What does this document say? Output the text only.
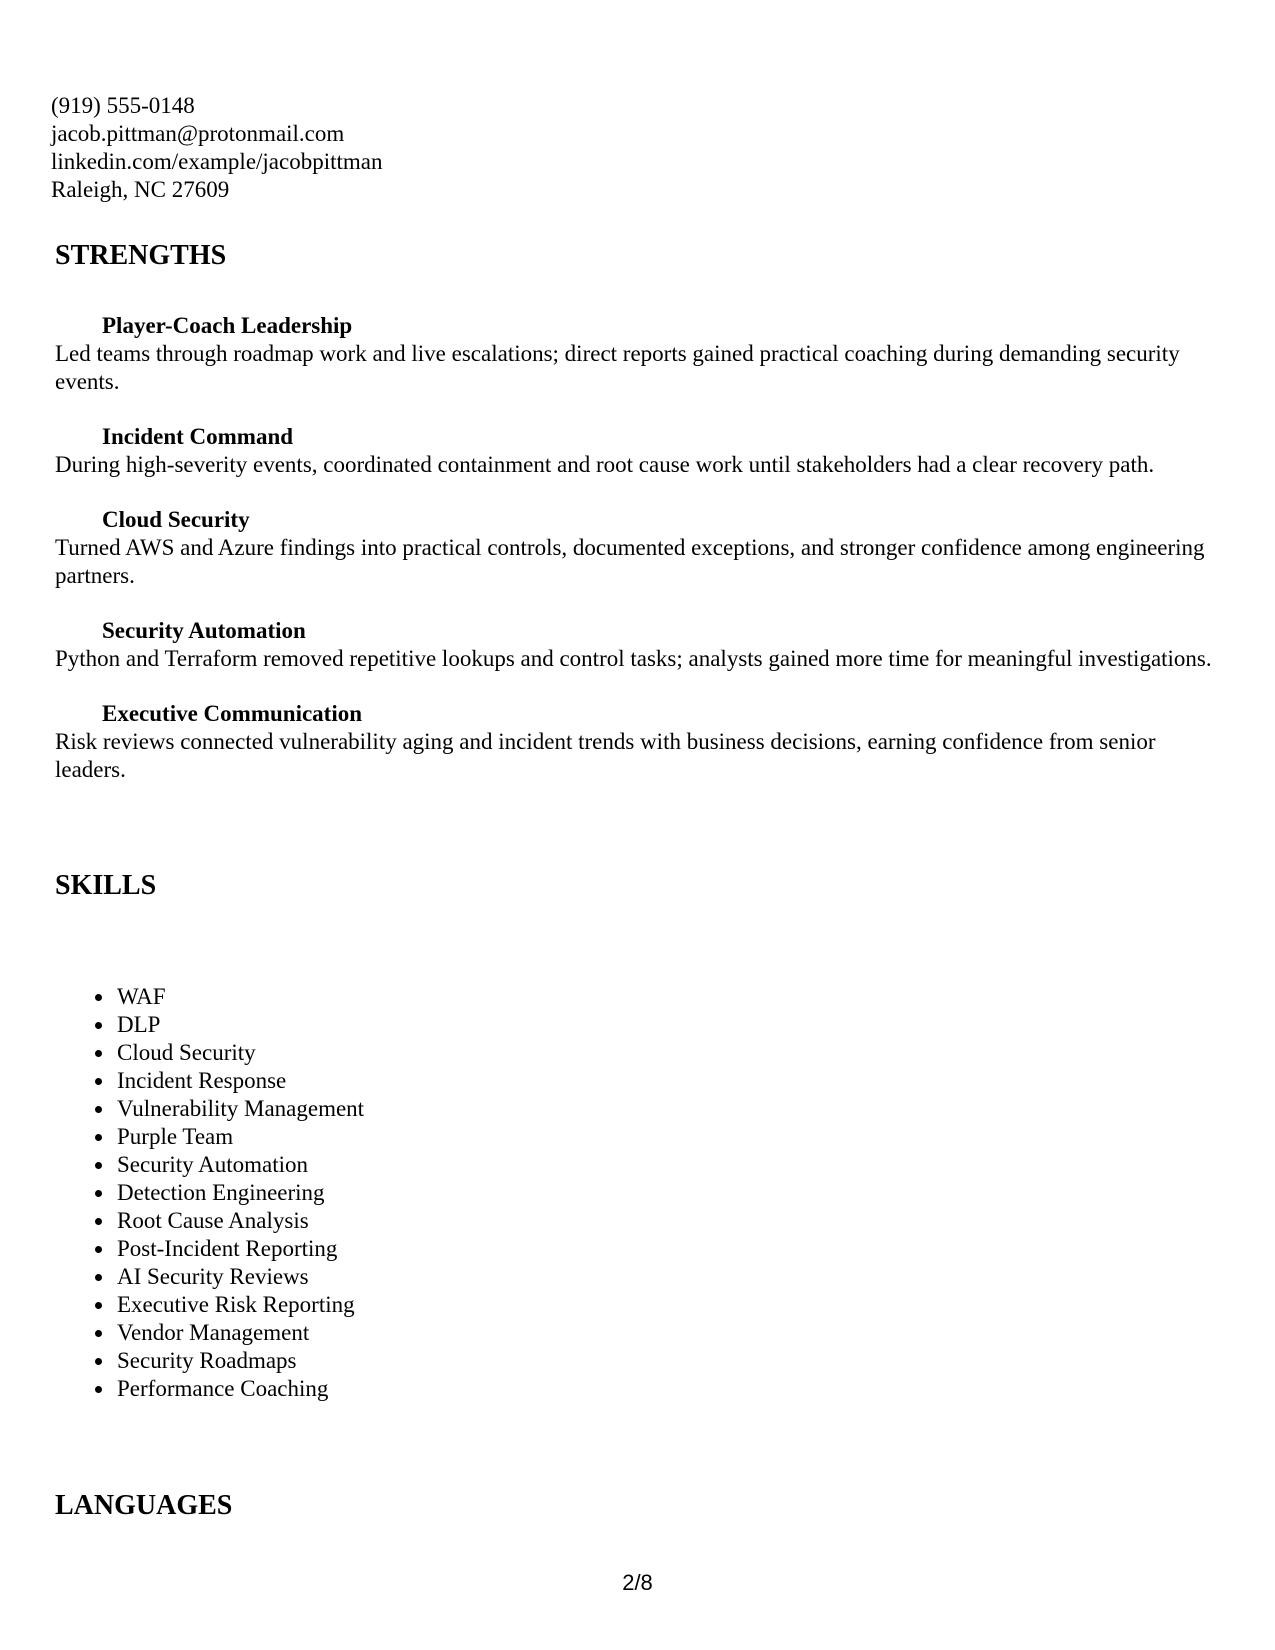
(919) 555-0148
jacob.pittman@protonmail.com
linkedin.com/example/jacobpittman
Raleigh, NC 27609
STRENGTHS
Player-Coach Leadership
Led teams through roadmap work and live escalations; direct reports gained practical coaching during demanding security events.
Incident Command
During high-severity events, coordinated containment and root cause work until stakeholders had a clear recovery path.
Cloud Security
Turned AWS and Azure findings into practical controls, documented exceptions, and stronger confidence among engineering partners.
Security Automation
Python and Terraform removed repetitive lookups and control tasks; analysts gained more time for meaningful investigations.
Executive Communication
Risk reviews connected vulnerability aging and incident trends with business decisions, earning confidence from senior leaders.
SKILLS
WAF
DLP
Cloud Security
Incident Response
Vulnerability Management
Purple Team
Security Automation
Detection Engineering
Root Cause Analysis
Post-Incident Reporting
AI Security Reviews
Executive Risk Reporting
Vendor Management
Security Roadmaps
Performance Coaching
LANGUAGES
2/8
